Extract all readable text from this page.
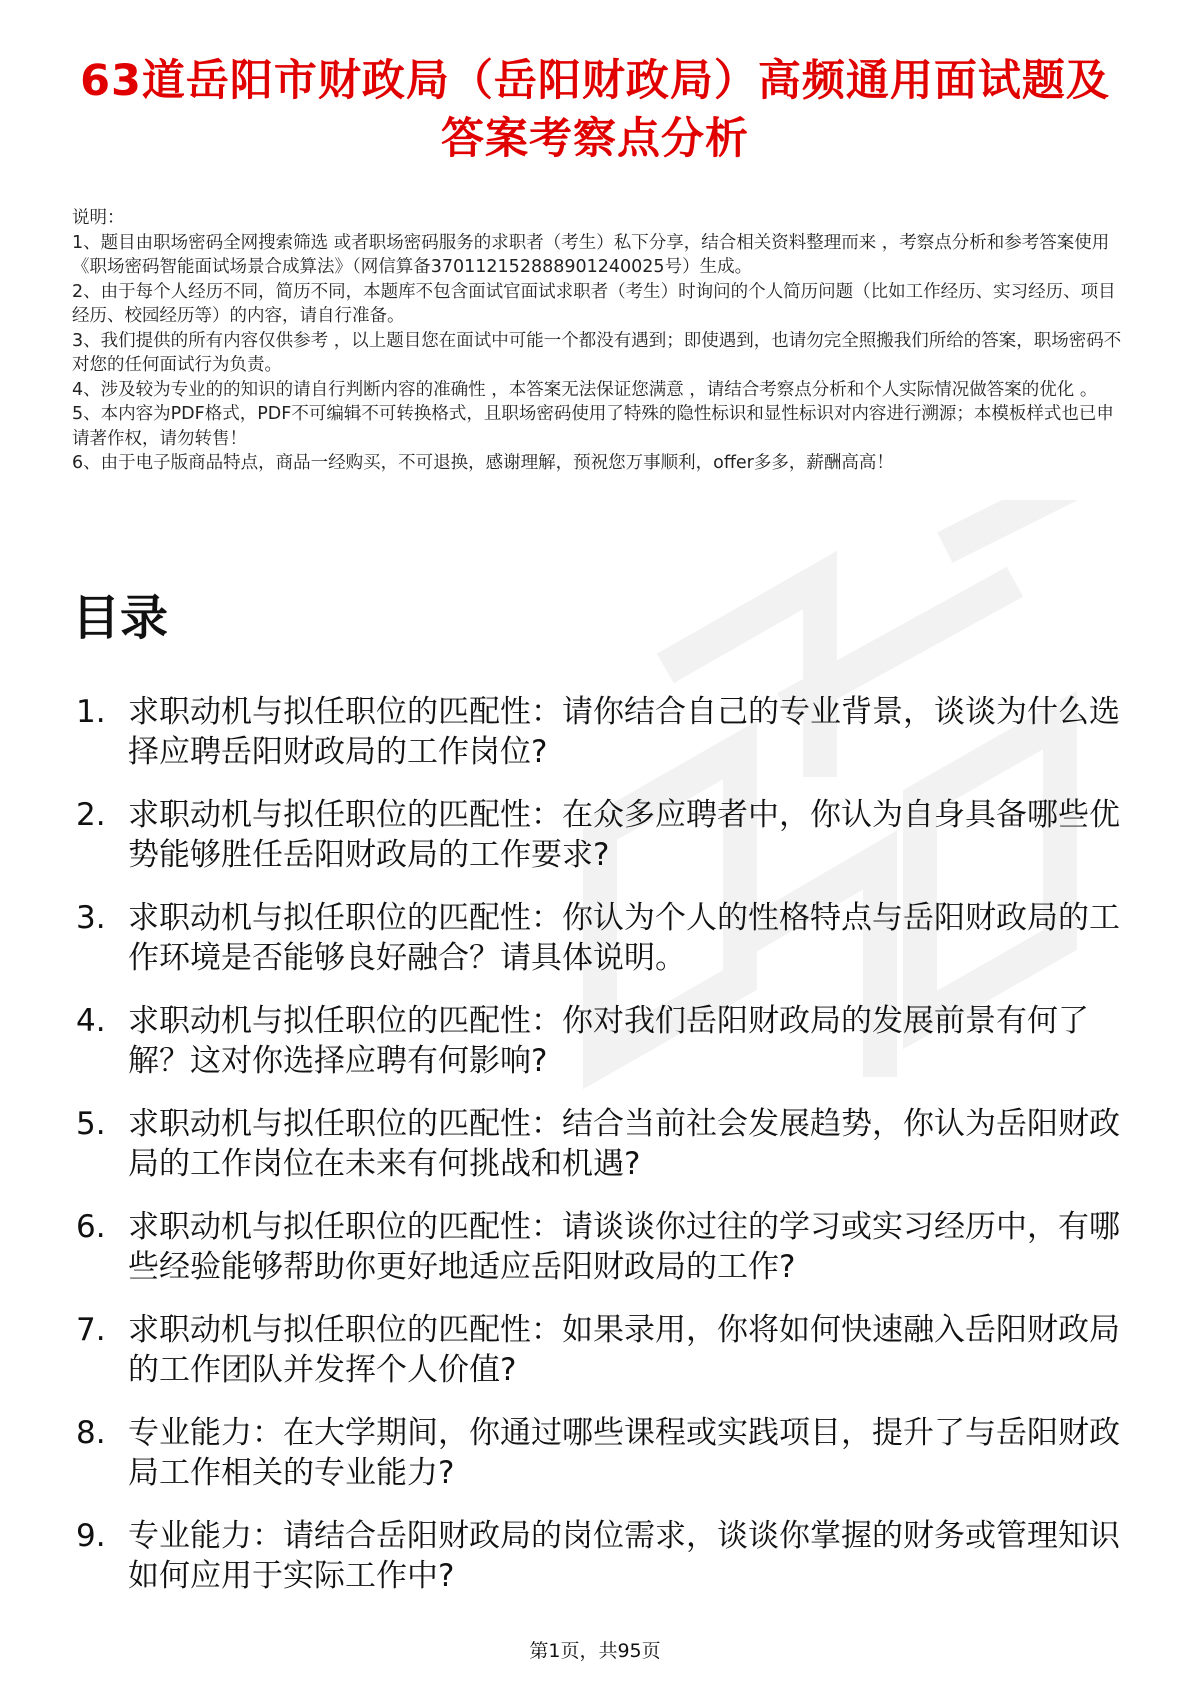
63道岳阳市财政局（岳阳财政局）高频通用面试题及答案考察点分析

说明：

1、题目由职场密码全网搜索筛选 或者职场密码服务的求职者（考生）私下分享，结合相关资料整理而来 ，考察点分析和参考答案使用《职场密码智能面试场景合成算法》（网信算备370112152888901240025号）生成。

2、由于每个人经历不同，简历不同，本题库不包含面试官面试求职者（考生）时询问的个人简历问题（比如工作经历、实习经历、项目经历、校园经历等）的内容，请自行准备。

3、我们提供的所有内容仅供参考 ，以上题目您在面试中可能一个都没有遇到；即使遇到，也请勿完全照搬我们所给的答案，职场密码不对您的任何面试行为负责。

4、涉及较为专业的的知识的请自行判断内容的准确性 ，本答案无法保证您满意 ，请结合考察点分析和个人实际情况做答案的优化 。

5、本内容为PDF格式，PDF不可编辑不可转换格式，且职场密码使用了特殊的隐性标识和显性标识对内容进行溯源；本模板样式也已申请著作权，请勿转售！

6、由于电子版商品特点，商品一经购买，不可退换，感谢理解，预祝您万事顺利，offer多多，薪酬高高！

目录
1. 求职动机与拟任职位的匹配性：请你结合自己的专业背景，谈谈为什么选择应聘岳阳财政局的工作岗位?
2. 求职动机与拟任职位的匹配性：在众多应聘者中，你认为自身具备哪些优势能够胜任岳阳财政局的工作要求?
3. 求职动机与拟任职位的匹配性：你认为个人的性格特点与岳阳财政局的工作环境是否能够良好融合？请具体说明。
4. 求职动机与拟任职位的匹配性：你对我们岳阳财政局的发展前景有何了解？这对你选择应聘有何影响?
5. 求职动机与拟任职位的匹配性：结合当前社会发展趋势，你认为岳阳财政局的工作岗位在未来有何挑战和机遇?
6. 求职动机与拟任职位的匹配性：请谈谈你过往的学习或实习经历中，有哪些经验能够帮助你更好地适应岳阳财政局的工作?
7. 求职动机与拟任职位的匹配性：如果录用，你将如何快速融入岳阳财政局的工作团队并发挥个人价值?
8. 专业能力：在大学期间，你通过哪些课程或实践项目，提升了与岳阳财政局工作相关的专业能力?
9. 专业能力：请结合岳阳财政局的岗位需求，谈谈你掌握的财务或管理知识如何应用于实际工作中?
第1页，共95页
